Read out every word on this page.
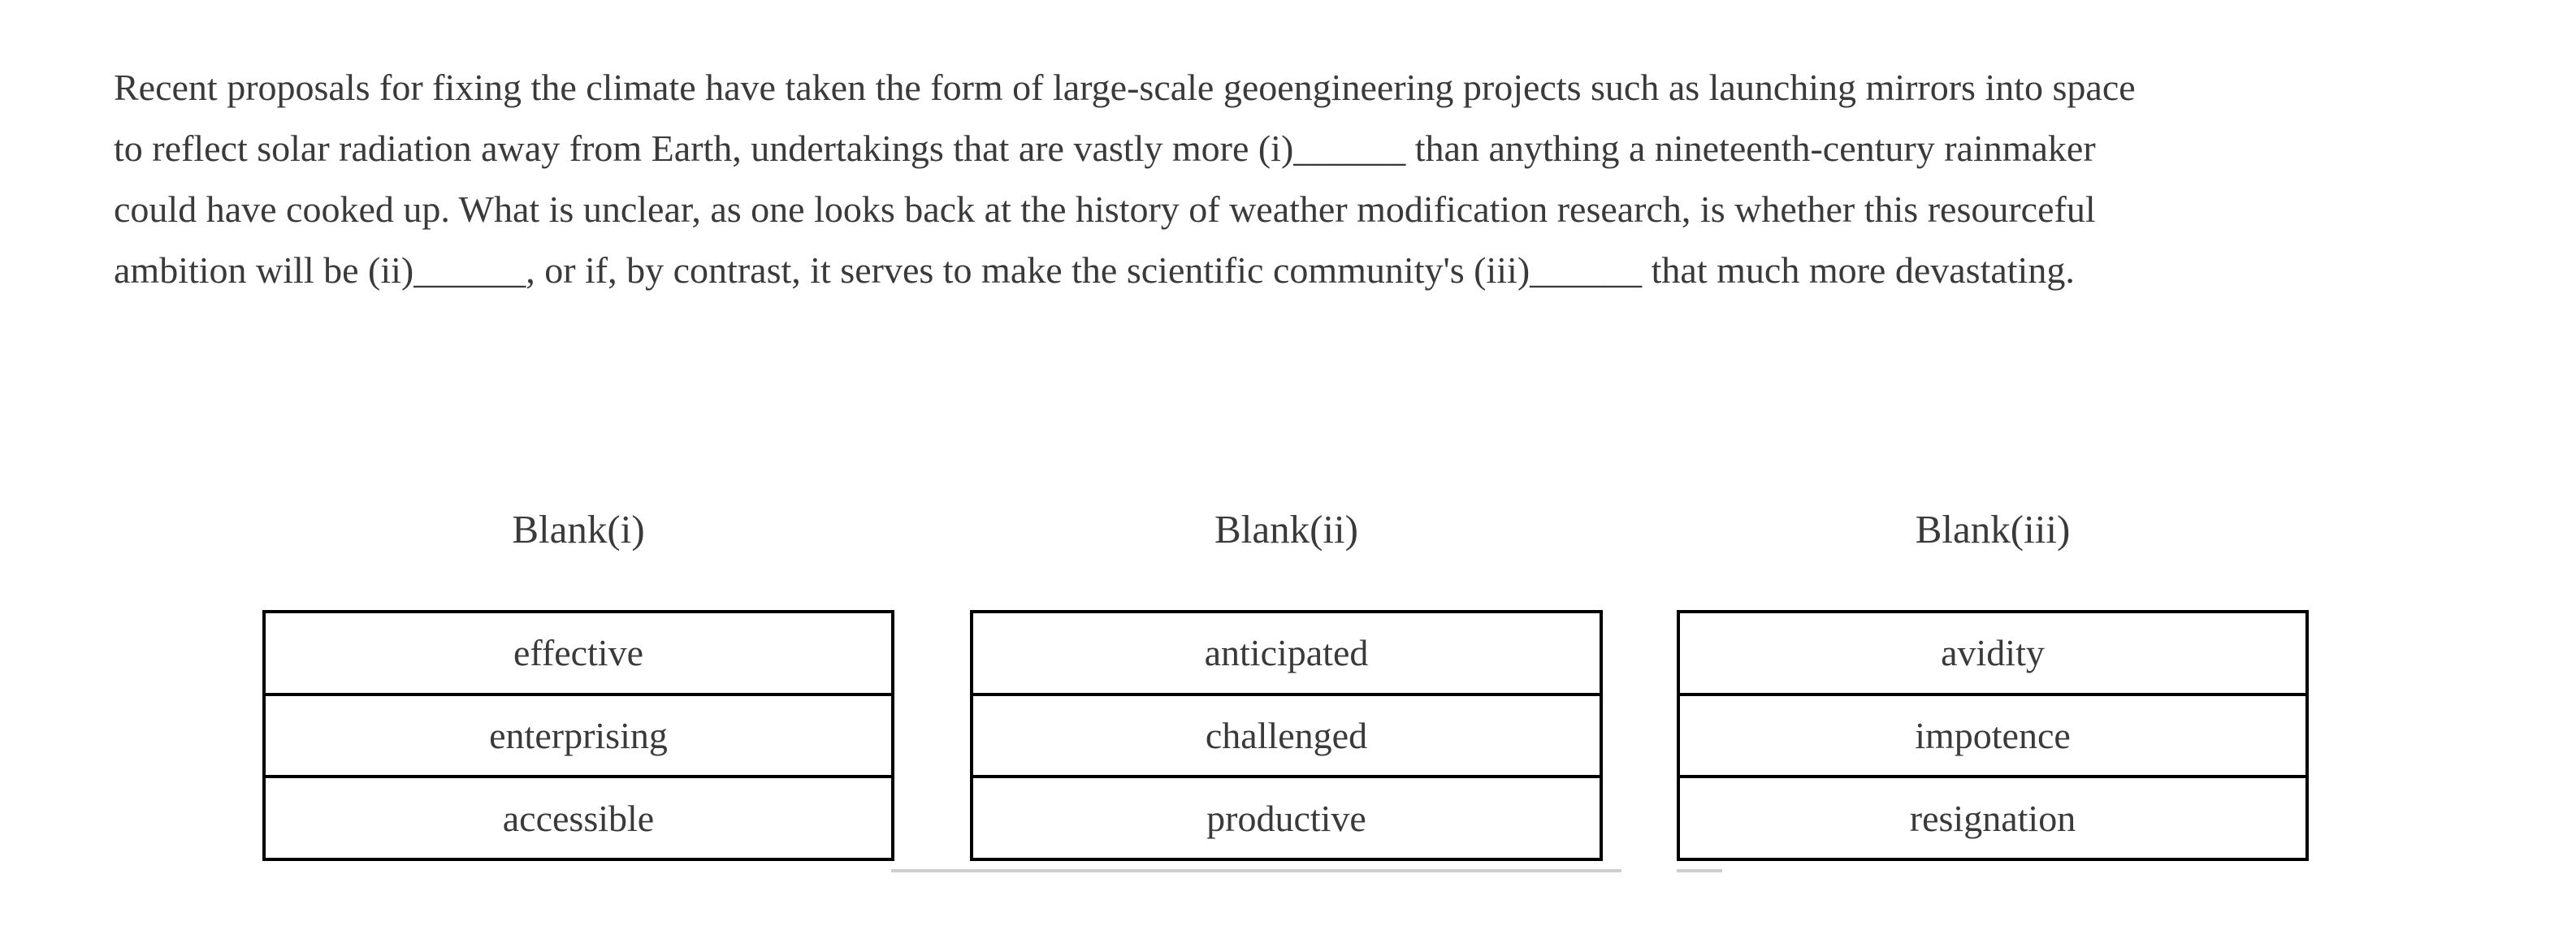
Recent proposals for fixing the climate have taken the form of large-scale geoengineering projects such as launching mirrors into space
to reflect solar radiation away from Earth, undertakings that are vastly more (i)______ than anything a nineteenth-century rainmaker
could have cooked up. What is unclear, as one looks back at the history of weather modification research, is whether this resourceful
ambition will be (ii)______, or if, by contrast, it serves to make the scientific community's (iii)______ that much more devastating.
Blank(i)	Blank(ii)	Blank(iii)
effective
enterprising
accessible
anticipated
challenged
productive
avidity
impotence
resignation
